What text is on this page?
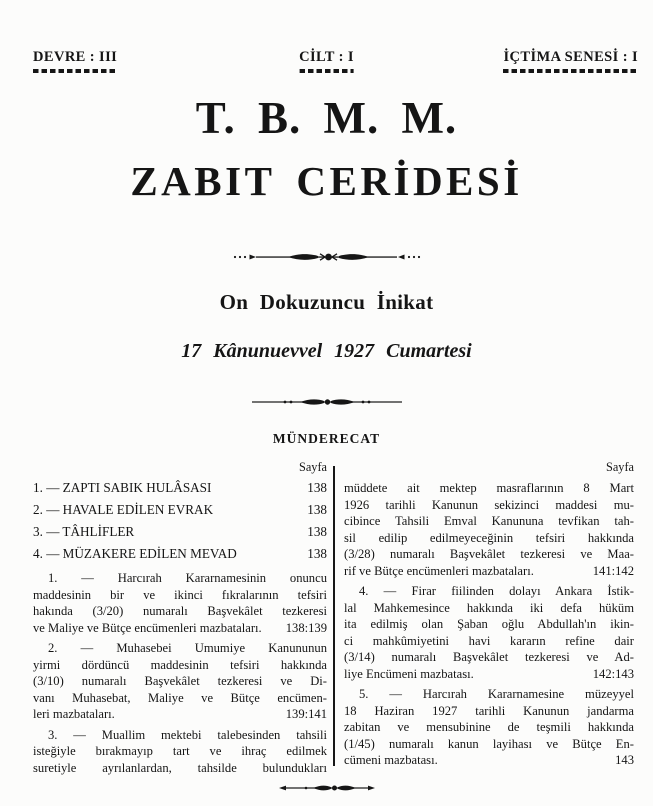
DEVRE : III	CİLT : I	İÇTİMA SENESİ : I
T. B. M. M.
ZABIT CERİDESİ
On Dokuzuncu İnikat
17 Kânunuevvel 1927 Cumartesi
MÜNDERECAT
Sayfa
1. — ZAPTI SABIK HULÂSASI	138
2. — HAVALE EDİLEN EVRAK	138
3. — TÂHLİFLER	138
4. — MÜZAKERE EDİLEN MEVAD	138
1. — Harcırah Kararnamesinin onuncu
maddesinin bir ve ikinci fıkralarının tefsiri
hakında (3/20) numaralı Başvekâlet tezkeresi
ve Maliye ve Bütçe encümenleri mazbataları.	138:139
2. — Muhasebei Umumiye Kanununun
yirmi dördüncü maddesinin tefsiri hakkında
(3/10) numaralı Başvekâlet tezkeresi ve Di-
vanı Muhasebat, Maliye ve Bütçe encümen-
leri mazbataları.	139:141
3. — Muallim mektebi talebesinden tahsili
isteğiyle bırakmayıp tart ve ihraç edilmek
suretiyle ayrılanlardan, tahsilde bulundukları
Sayfa
müddete ait mektep masraflarının 8 Mart
1926 tarihli Kanunun sekizinci maddesi mu-
cibince Tahsili Emval Kanununa tevfikan tah-
sil edilip edilmeyeceğinin tefsiri hakkında
(3/28) numaralı Başvekâlet tezkeresi ve Maa-
rif ve Bütçe encümenleri mazbataları.	141:142
4. — Firar fiilinden dolayı Ankara İstik-
lal Mahkemesince hakkında iki defa hüküm
ita edilmiş olan Şaban oğlu Abdullah'ın ikin-
ci mahkûmiyetini havi kararın refine dair
(3/14) numaralı Başvekâlet tezkeresi ve Ad-
liye Encümeni mazbatası.	142:143
5. — Harcırah Kararnamesine müzeyyel
18 Haziran 1927 tarihli Kanunun jandarma
zabitan ve mensubinine de teşmili hakkında
(1/45) numaralı kanun layihası ve Bütçe En-
cümeni mazbatası.	143
